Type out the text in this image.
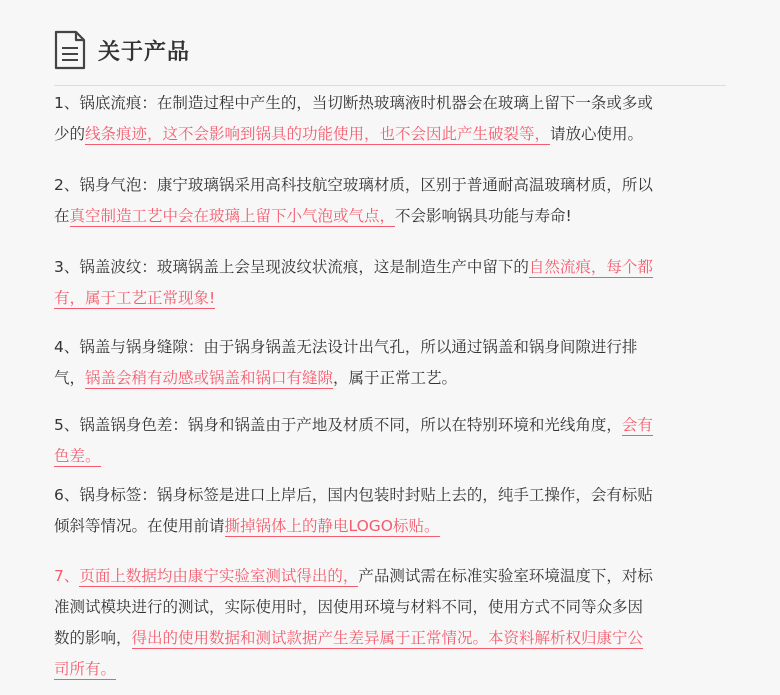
关于产品
1、锅底流痕：在制造过程中产生的，当切断热玻璃液时机器会在玻璃上留下一条或多或
少的线条痕迹，这不会影响到锅具的功能使用，也不会因此产生破裂等，请放心使用。
2、锅身气泡：康宁玻璃锅采用高科技航空玻璃材质，区别于普通耐高温玻璃材质，所以
在真空制造工艺中会在玻璃上留下小气泡或气点，不会影响锅具功能与寿命!
3、锅盖波纹：玻璃锅盖上会呈现波纹状流痕，这是制造生产中留下的自然流痕，每个都
有，属于工艺正常现象!
4、锅盖与锅身缝隙：由于锅身锅盖无法设计出气孔，所以通过锅盖和锅身间隙进行排
气，锅盖会稍有动感或锅盖和锅口有缝隙，属于正常工艺。
5、锅盖锅身色差：锅身和锅盖由于产地及材质不同，所以在特别环境和光线角度，会有
色差。
6、锅身标签：锅身标签是进口上岸后，国内包装时封贴上去的，纯手工操作，会有标贴
倾斜等情况。在使用前请撕掉锅体上的静电LOGO标贴。
7、页面上数据均由康宁实验室测试得出的，产品测试需在标准实验室环境温度下，对标
准测试模块进行的测试，实际使用时，因使用环境与材料不同，使用方式不同等众多因
数的影响，得出的使用数据和测试款据产生差异属于正常情况。本资料解析权归康宁公
司所有。
